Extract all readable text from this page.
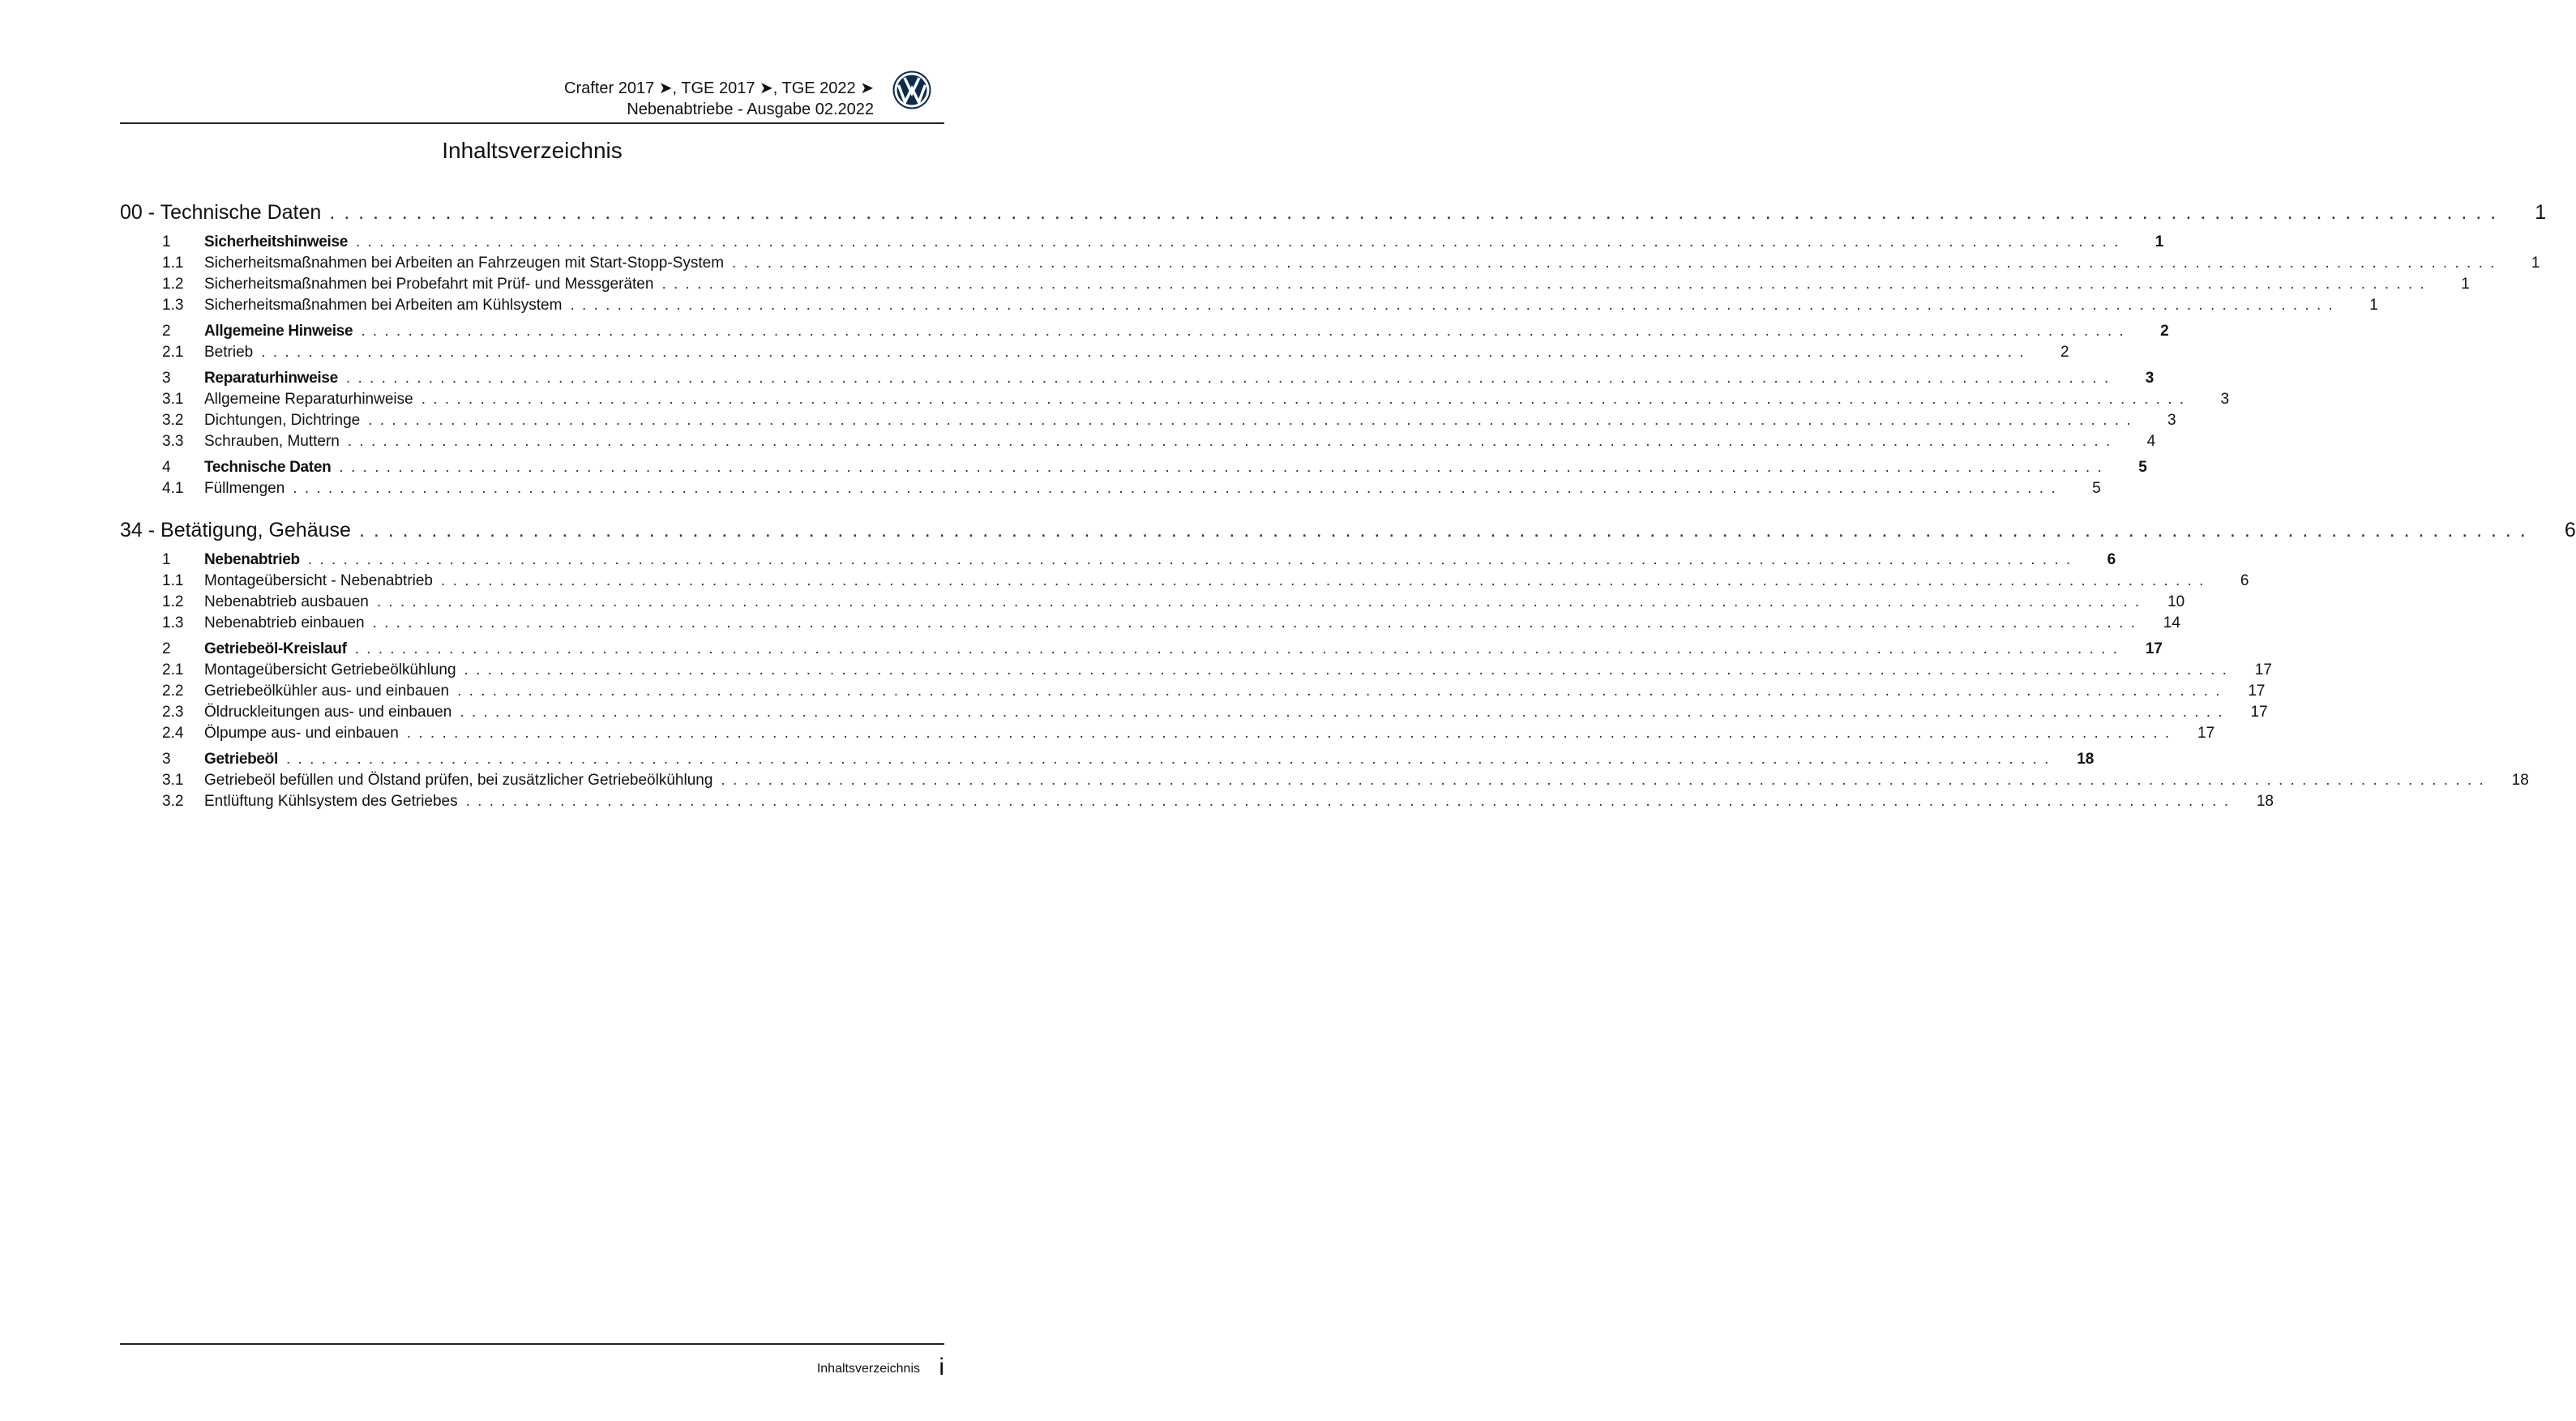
Crafter 2017 ➤, TGE 2017 ➤, TGE 2022 ➤
Nebenabtriebe - Ausgabe 02.2022
Inhaltsverzeichnis
00 - Technische Daten . . . . . . . . . . . . . . . . . . . . . . . . . . . . . . . . . . . . . . . . . . . . . . . . . . . . . . . . . . . . . . . . . . . . . . . . . . . . . . . . . . . . . . . . . . . . . . . . . . . . . . . . . . . . . . . . . . . . . . . . . . . . . . . . . . . . . . . . . . . . . . . . . . . . . .	1
1	Sicherheitshinweise . . . . . . . . . . . . . . . . . . . . . . . . . . . . . . . . . . . . . . . . . . . . . . . . . . . . . . . . . . . . . . . . . . . . . . . . . . . . . . . . . . . . . . . . . . . . . . . . . . . . . . . . . . . . . . . . . . . . . . . . . . . . . . . . . . . . . . . . . . . . . . . . . . . . . .	1
1.1	Sicherheitsmaßnahmen bei Arbeiten an Fahrzeugen mit Start-Stopp-System . . . . . . . . . . . . . . . . . . . . . . . . . . . . . . . . . . . . . . . . . . . . . . . . . . . . . . . . . . . . . . . . . . . . . . . . . . . . . . . . . . . . . . . . . . . . . . . . . . . . . . . . . . . . . . . . . . . . . . . . . . . . . . . . . . . . . . . . . . . . . . . . . . . . . .	1
1.2	Sicherheitsmaßnahmen bei Probefahrt mit Prüf- und Messgeräten . . . . . . . . . . . . . . . . . . . . . . . . . . . . . . . . . . . . . . . . . . . . . . . . . . . . . . . . . . . . . . . . . . . . . . . . . . . . . . . . . . . . . . . . . . . . . . . . . . . . . . . . . . . . . . . . . . . . . . . . . . . . . . . . . . . . . . . . . . . . . . . . . . . . . .	1
1.3	Sicherheitsmaßnahmen bei Arbeiten am Kühlsystem . . . . . . . . . . . . . . . . . . . . . . . . . . . . . . . . . . . . . . . . . . . . . . . . . . . . . . . . . . . . . . . . . . . . . . . . . . . . . . . . . . . . . . . . . . . . . . . . . . . . . . . . . . . . . . . . . . . . . . . . . . . . . . . . . . . . . . . . . . . . . . . . . . . . . .	1
2	Allgemeine Hinweise . . . . . . . . . . . . . . . . . . . . . . . . . . . . . . . . . . . . . . . . . . . . . . . . . . . . . . . . . . . . . . . . . . . . . . . . . . . . . . . . . . . . . . . . . . . . . . . . . . . . . . . . . . . . . . . . . . . . . . . . . . . . . . . . . . . . . . . . . . . . . . . . . . . . . .	2
2.1	Betrieb . . . . . . . . . . . . . . . . . . . . . . . . . . . . . . . . . . . . . . . . . . . . . . . . . . . . . . . . . . . . . . . . . . . . . . . . . . . . . . . . . . . . . . . . . . . . . . . . . . . . . . . . . . . . . . . . . . . . . . . . . . . . . . . . . . . . . . . . . . . . . . . . . . . . . .	2
3	Reparaturhinweise . . . . . . . . . . . . . . . . . . . . . . . . . . . . . . . . . . . . . . . . . . . . . . . . . . . . . . . . . . . . . . . . . . . . . . . . . . . . . . . . . . . . . . . . . . . . . . . . . . . . . . . . . . . . . . . . . . . . . . . . . . . . . . . . . . . . . . . . . . . . . . . . . . . . . .	3
3.1	Allgemeine Reparaturhinweise . . . . . . . . . . . . . . . . . . . . . . . . . . . . . . . . . . . . . . . . . . . . . . . . . . . . . . . . . . . . . . . . . . . . . . . . . . . . . . . . . . . . . . . . . . . . . . . . . . . . . . . . . . . . . . . . . . . . . . . . . . . . . . . . . . . . . . . . . . . . . . . . . . . . . .	3
3.2	Dichtungen, Dichtringe . . . . . . . . . . . . . . . . . . . . . . . . . . . . . . . . . . . . . . . . . . . . . . . . . . . . . . . . . . . . . . . . . . . . . . . . . . . . . . . . . . . . . . . . . . . . . . . . . . . . . . . . . . . . . . . . . . . . . . . . . . . . . . . . . . . . . . . . . . . . . . . . . . . . . .	3
3.3	Schrauben, Muttern . . . . . . . . . . . . . . . . . . . . . . . . . . . . . . . . . . . . . . . . . . . . . . . . . . . . . . . . . . . . . . . . . . . . . . . . . . . . . . . . . . . . . . . . . . . . . . . . . . . . . . . . . . . . . . . . . . . . . . . . . . . . . . . . . . . . . . . . . . . . . . . . . . . . . .	4
4	Technische Daten . . . . . . . . . . . . . . . . . . . . . . . . . . . . . . . . . . . . . . . . . . . . . . . . . . . . . . . . . . . . . . . . . . . . . . . . . . . . . . . . . . . . . . . . . . . . . . . . . . . . . . . . . . . . . . . . . . . . . . . . . . . . . . . . . . . . . . . . . . . . . . . . . . . . . .	5
4.1	Füllmengen . . . . . . . . . . . . . . . . . . . . . . . . . . . . . . . . . . . . . . . . . . . . . . . . . . . . . . . . . . . . . . . . . . . . . . . . . . . . . . . . . . . . . . . . . . . . . . . . . . . . . . . . . . . . . . . . . . . . . . . . . . . . . . . . . . . . . . . . . . . . . . . . . . . . . .	5
34 - Betätigung, Gehäuse . . . . . . . . . . . . . . . . . . . . . . . . . . . . . . . . . . . . . . . . . . . . . . . . . . . . . . . . . . . . . . . . . . . . . . . . . . . . . . . . . . . . . . . . . . . . . . . . . . . . . . . . . . . . . . . . . . . . . . . . . . . . . . . . . . . . . . . . . . . . . . . . . . . . . .	6
1	Nebenabtrieb . . . . . . . . . . . . . . . . . . . . . . . . . . . . . . . . . . . . . . . . . . . . . . . . . . . . . . . . . . . . . . . . . . . . . . . . . . . . . . . . . . . . . . . . . . . . . . . . . . . . . . . . . . . . . . . . . . . . . . . . . . . . . . . . . . . . . . . . . . . . . . . . . . . . . .	6
1.1	Montageübersicht - Nebenabtrieb . . . . . . . . . . . . . . . . . . . . . . . . . . . . . . . . . . . . . . . . . . . . . . . . . . . . . . . . . . . . . . . . . . . . . . . . . . . . . . . . . . . . . . . . . . . . . . . . . . . . . . . . . . . . . . . . . . . . . . . . . . . . . . . . . . . . . . . . . . . . . . . . . . . . . .	6
1.2	Nebenabtrieb ausbauen . . . . . . . . . . . . . . . . . . . . . . . . . . . . . . . . . . . . . . . . . . . . . . . . . . . . . . . . . . . . . . . . . . . . . . . . . . . . . . . . . . . . . . . . . . . . . . . . . . . . . . . . . . . . . . . . . . . . . . . . . . . . . . . . . . . . . . . . . . . . . . . . . . . . . .	10
1.3	Nebenabtrieb einbauen . . . . . . . . . . . . . . . . . . . . . . . . . . . . . . . . . . . . . . . . . . . . . . . . . . . . . . . . . . . . . . . . . . . . . . . . . . . . . . . . . . . . . . . . . . . . . . . . . . . . . . . . . . . . . . . . . . . . . . . . . . . . . . . . . . . . . . . . . . . . . . . . . . . . . .	14
2	Getriebeöl-Kreislauf . . . . . . . . . . . . . . . . . . . . . . . . . . . . . . . . . . . . . . . . . . . . . . . . . . . . . . . . . . . . . . . . . . . . . . . . . . . . . . . . . . . . . . . . . . . . . . . . . . . . . . . . . . . . . . . . . . . . . . . . . . . . . . . . . . . . . . . . . . . . . . . . . . . . . .	17
2.1	Montageübersicht Getriebeölkühlung . . . . . . . . . . . . . . . . . . . . . . . . . . . . . . . . . . . . . . . . . . . . . . . . . . . . . . . . . . . . . . . . . . . . . . . . . . . . . . . . . . . . . . . . . . . . . . . . . . . . . . . . . . . . . . . . . . . . . . . . . . . . . . . . . . . . . . . . . . . . . . . . . . . . . .	17
2.2	Getriebeölkühler aus- und einbauen . . . . . . . . . . . . . . . . . . . . . . . . . . . . . . . . . . . . . . . . . . . . . . . . . . . . . . . . . . . . . . . . . . . . . . . . . . . . . . . . . . . . . . . . . . . . . . . . . . . . . . . . . . . . . . . . . . . . . . . . . . . . . . . . . . . . . . . . . . . . . . . . . . . . . .	17
2.3	Öldruckleitungen aus- und einbauen . . . . . . . . . . . . . . . . . . . . . . . . . . . . . . . . . . . . . . . . . . . . . . . . . . . . . . . . . . . . . . . . . . . . . . . . . . . . . . . . . . . . . . . . . . . . . . . . . . . . . . . . . . . . . . . . . . . . . . . . . . . . . . . . . . . . . . . . . . . . . . . . . . . . . .	17
2.4	Ölpumpe aus- und einbauen . . . . . . . . . . . . . . . . . . . . . . . . . . . . . . . . . . . . . . . . . . . . . . . . . . . . . . . . . . . . . . . . . . . . . . . . . . . . . . . . . . . . . . . . . . . . . . . . . . . . . . . . . . . . . . . . . . . . . . . . . . . . . . . . . . . . . . . . . . . . . . . . . . . . . .	17
3	Getriebeöl . . . . . . . . . . . . . . . . . . . . . . . . . . . . . . . . . . . . . . . . . . . . . . . . . . . . . . . . . . . . . . . . . . . . . . . . . . . . . . . . . . . . . . . . . . . . . . . . . . . . . . . . . . . . . . . . . . . . . . . . . . . . . . . . . . . . . . . . . . . . . . . . . . . . . .	18
3.1	Getriebeöl befüllen und Ölstand prüfen, bei zusätzlicher Getriebeölkühlung . . . . . . . . . . . . . . . . . . . . . . . . . . . . . . . . . . . . . . . . . . . . . . . . . . . . . . . . . . . . . . . . . . . . . . . . . . . . . . . . . . . . . . . . . . . . . . . . . . . . . . . . . . . . . . . . . . . . . . . . . . . . . . . . . . . . . . . . . . . . . . . . . . . . . .	18
3.2	Entlüftung Kühlsystem des Getriebes . . . . . . . . . . . . . . . . . . . . . . . . . . . . . . . . . . . . . . . . . . . . . . . . . . . . . . . . . . . . . . . . . . . . . . . . . . . . . . . . . . . . . . . . . . . . . . . . . . . . . . . . . . . . . . . . . . . . . . . . . . . . . . . . . . . . . . . . . . . . . . . . . . . . . .	18
Inhaltsverzeichnis i
